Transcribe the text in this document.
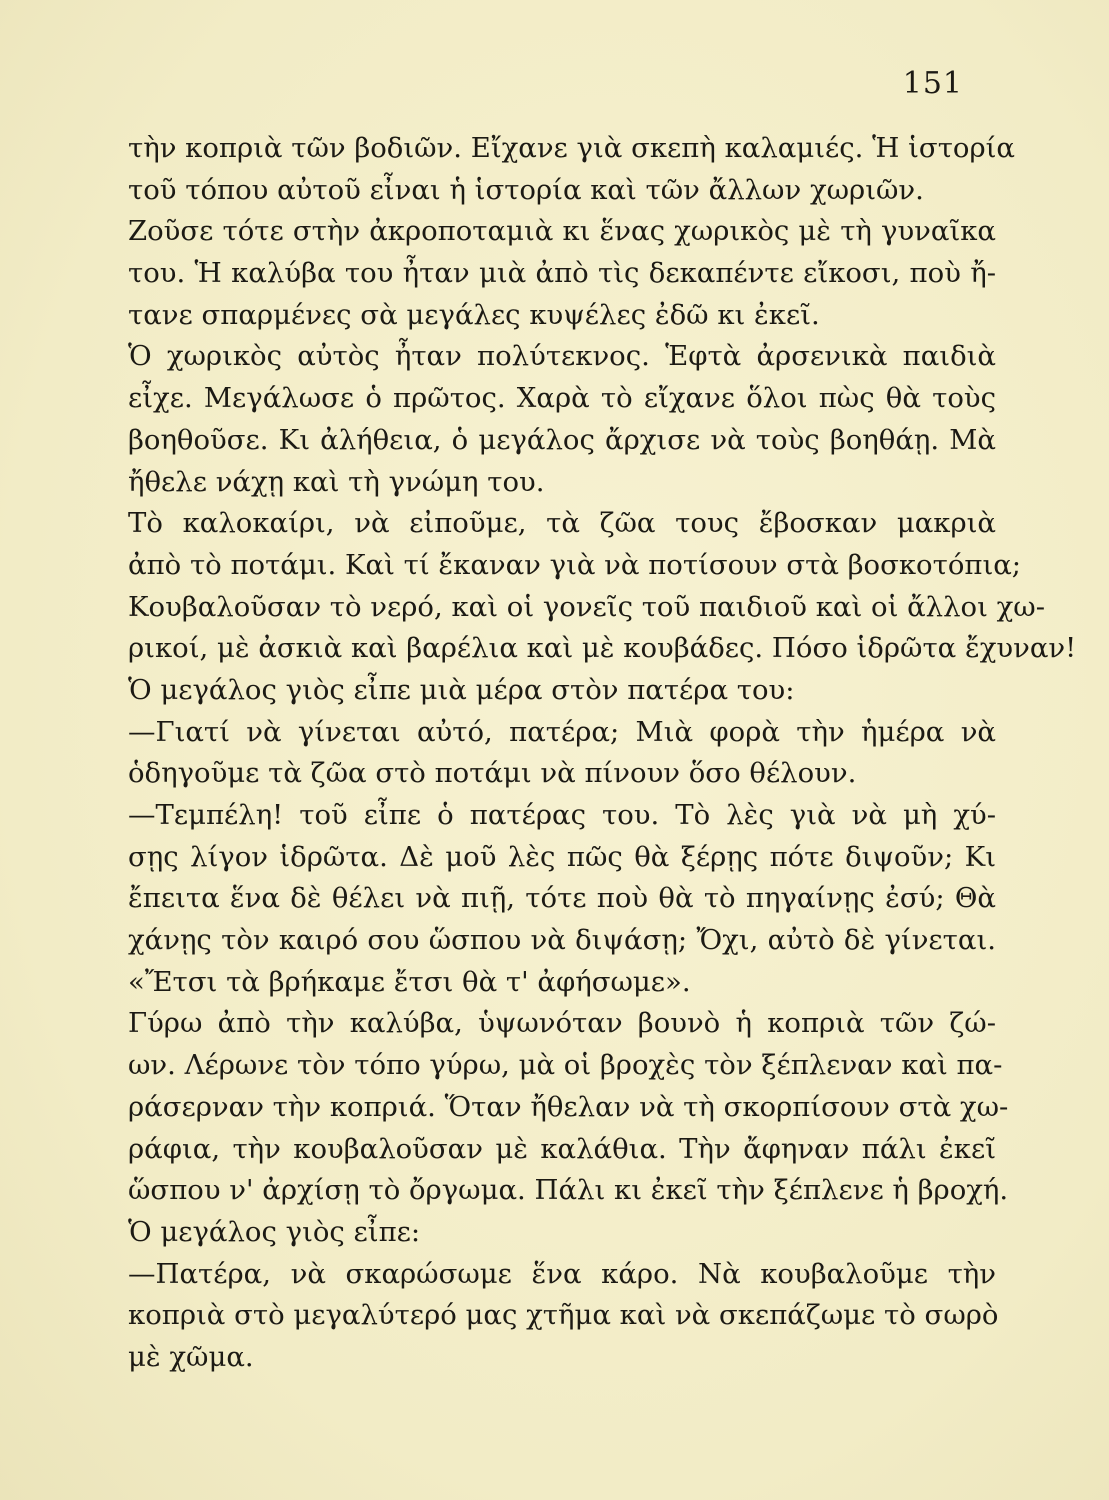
151
τὴν κοπριὰ τῶν βοδιῶν. Εἴχανε γιὰ σκεπὴ καλαμιές. Ἡ ἱστορία
τοῦ τόπου αὐτοῦ εἶναι ἡ ἱστορία καὶ τῶν ἄλλων χωριῶν.
Ζοῦσε τότε στὴν ἀκροποταμιὰ κι ἕνας χωρικὸς μὲ τὴ γυναῖκα
του. Ἡ καλύβα του ἦταν μιὰ ἀπὸ τὶς δεκαπέντε εἴκοσι, ποὺ ἤ-
τανε σπαρμένες σὰ μεγάλες κυψέλες ἐδῶ κι ἐκεῖ.
Ὁ χωρικὸς αὐτὸς ἦταν πολύτεκνος. Ἑφτὰ ἀρσενικὰ παιδιὰ
εἶχε. Μεγάλωσε ὁ πρῶτος. Χαρὰ τὸ εἴχανε ὅλοι πὼς θὰ τοὺς
βοηθοῦσε. Κι ἀλήθεια, ὁ μεγάλος ἄρχισε νὰ τοὺς βοηθάῃ. Μὰ
ἤθελε νάχῃ καὶ τὴ γνώμη του.
Τὸ καλοκαίρι, νὰ εἰποῦμε, τὰ ζῶα τους ἔβοσκαν μακριὰ
ἀπὸ τὸ ποτάμι. Καὶ τί ἔκαναν γιὰ νὰ ποτίσουν στὰ βοσκοτόπια;
Κουβαλοῦσαν τὸ νερό, καὶ οἱ γονεῖς τοῦ παιδιοῦ καὶ οἱ ἄλλοι χω-
ρικοί, μὲ ἀσκιὰ καὶ βαρέλια καὶ μὲ κουβάδες. Πόσο ἱδρῶτα ἔχυναν!
Ὁ μεγάλος γιὸς εἶπε μιὰ μέρα στὸν πατέρα του:
—Γιατί νὰ γίνεται αὐτό, πατέρα; Μιὰ φορὰ τὴν ἡμέρα νὰ
ὁδηγοῦμε τὰ ζῶα στὸ ποτάμι νὰ πίνουν ὅσο θέλουν.
—Τεμπέλη! τοῦ εἶπε ὁ πατέρας του. Τὸ λὲς γιὰ νὰ μὴ χύ-
σῃς λίγον ἱδρῶτα. Δὲ μοῦ λὲς πῶς θὰ ξέρῃς πότε διψοῦν; Κι
ἔπειτα ἕνα δὲ θέλει νὰ πιῇ, τότε ποὺ θὰ τὸ πηγαίνῃς ἐσύ; Θὰ
χάνῃς τὸν καιρό σου ὥσπου νὰ διψάσῃ; Ὄχι, αὐτὸ δὲ γίνεται.
«Ἔτσι τὰ βρήκαμε ἔτσι θὰ τ' ἀφήσωμε».
Γύρω ἀπὸ τὴν καλύβα, ὑψωνόταν βουνὸ ἡ κοπριὰ τῶν ζώ-
ων. Λέρωνε τὸν τόπο γύρω, μὰ οἱ βροχὲς τὸν ξέπλεναν καὶ πα-
ράσερναν τὴν κοπριά. Ὅταν ἤθελαν νὰ τὴ σκορπίσουν στὰ χω-
ράφια, τὴν κουβαλοῦσαν μὲ καλάθια. Τὴν ἄφηναν πάλι ἐκεῖ
ὥσπου ν' ἀρχίσῃ τὸ ὄργωμα. Πάλι κι ἐκεῖ τὴν ξέπλενε ἡ βροχή.
Ὁ μεγάλος γιὸς εἶπε:
—Πατέρα, νὰ σκαρώσωμε ἕνα κάρο. Νὰ κουβαλοῦμε τὴν
κοπριὰ στὸ μεγαλύτερό μας χτῆμα καὶ νὰ σκεπάζωμε τὸ σωρὸ
μὲ χῶμα.
